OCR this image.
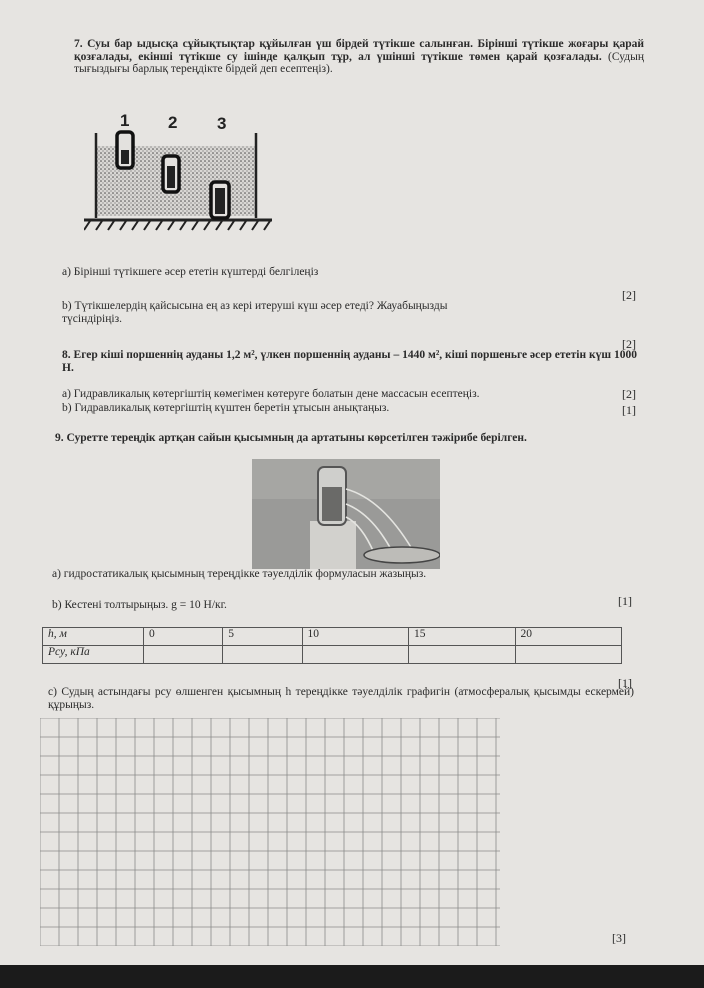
7. Суы бар ыдысқа сұйықтықтар құйылған үш бірдей түтікше салынған. Бірінші түтікше жоғары қарай қозғалады, екінші түтікше су ішінде қалқып тұр, ал үшінші түтікше төмен қарай қозғалады. (Судың тығыздығы барлық тереңдікте бірдей деп есептеңіз).
1 2 3
а) Бірінші түтікшеге әсер ететін күштерді белгілеңіз
[2]
b) Түтікшелердің қайсысына ең аз кері итеруші күш әсер етеді? Жауабыңызды түсіндіріңіз.
[2]
8. Егер кіші поршеннің ауданы 1,2 м², үлкен поршеннің ауданы – 1440 м², кіші поршеньге әсер ететін күш 1000 Н.
а) Гидравликалық көтергіштің көмегімен көтеруге болатын дене массасын есептеңіз.	[2]
b) Гидравликалық көтергіштің күштен беретін ұтысын анықтаңыз.	[1]
9. Суретте тереңдік артқан сайын қысымның да артатыны көрсетілген тәжірибе берілген.
а) гидростатикалық қысымның тереңдікке тәуелділік формуласын жазыңыз.
b) Кестені толтырыңыз. g = 10 Н/кг.	[1]
h, м	0	5	10	15	20
Pсу, кПа					
[1]
c) Судың астындағы pсу өлшенген қысымның h тереңдікке тәуелділік графигін (атмосфералық қысымды ескермей) құрыңыз.
[3]
